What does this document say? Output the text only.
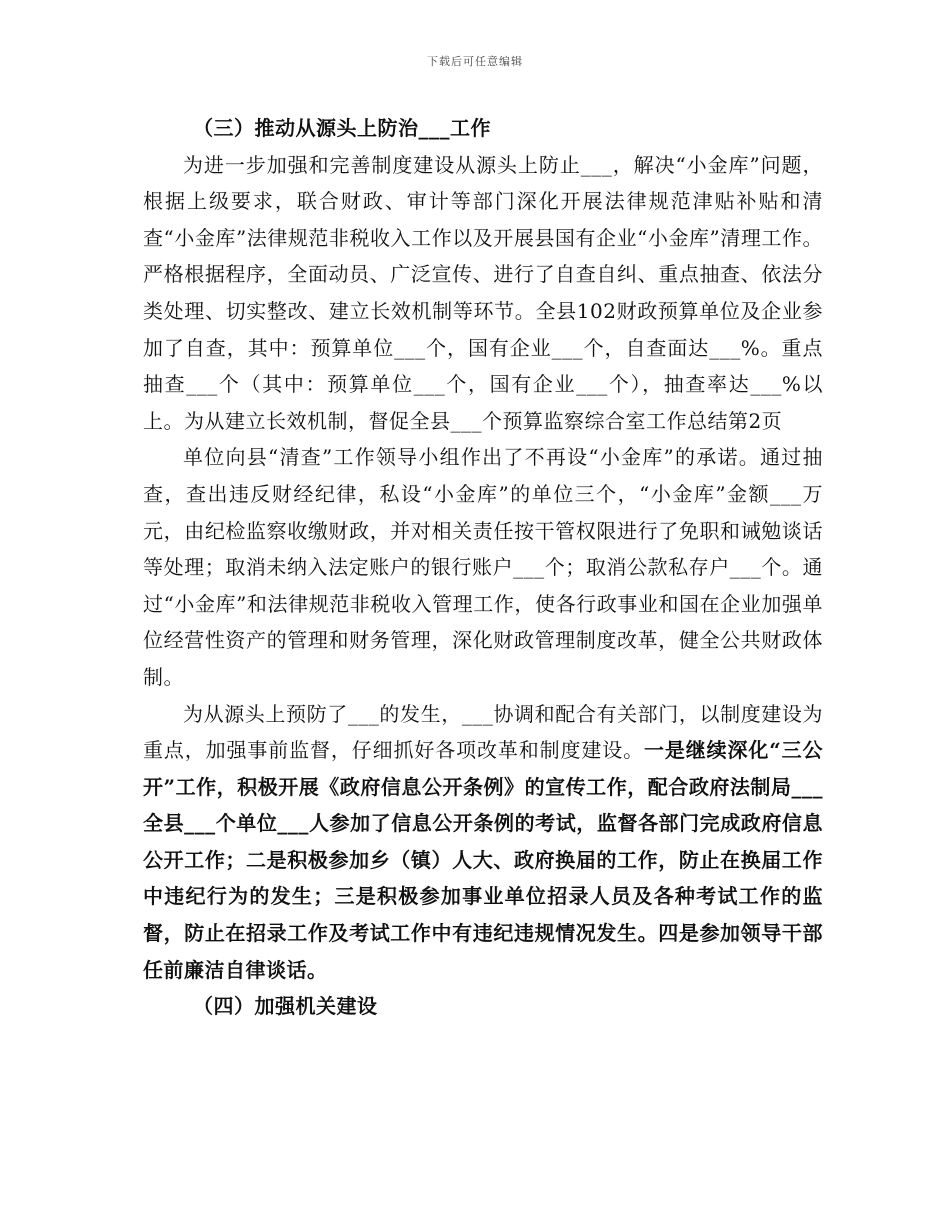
下载后可任意编辑

（三）推动从源头上防治___工作

为进一步加强和完善制度建设从源头上防止___，解决“小金库”问题，根据上级要求，联合财政、审计等部门深化开展法律规范津贴补贴和清查“小金库”法律规范非税收入工作以及开展县国有企业“小金库”清理工作。严格根据程序，全面动员、广泛宣传、进行了自查自纠、重点抽查、依法分类处理、切实整改、建立长效机制等环节。全县102财政预算单位及企业参加了自查，其中：预算单位___个，国有企业___个，自查面达___%。重点抽查___个（其中：预算单位___个，国有企业___个），抽查率达___%以上。为从建立长效机制，督促全县___个预算监察综合室工作总结第2页

单位向县“清查”工作领导小组作出了不再设“小金库”的承诺。通过抽查，查出违反财经纪律，私设“小金库”的单位三个，“小金库”金额___万元，由纪检监察收缴财政，并对相关责任按干管权限进行了免职和诫勉谈话等处理；取消未纳入法定账户的银行账户___个；取消公款私存户___个。通过“小金库”和法律规范非税收入管理工作，使各行政事业和国在企业加强单位经营性资产的管理和财务管理，深化财政管理制度改革，健全公共财政体制。

为从源头上预防了___的发生，___协调和配合有关部门，以制度建设为重点，加强事前监督，仔细抓好各项改革和制度建设。一是继续深化“三公开”工作，积极开展《政府信息公开条例》的宣传工作，配合政府法制局___全县___个单位___人参加了信息公开条例的考试，监督各部门完成政府信息公开工作；二是积极参加乡（镇）人大、政府换届的工作，防止在换届工作中违纪行为的发生；三是积极参加事业单位招录人员及各种考试工作的监督，防止在招录工作及考试工作中有违纪违规情况发生。四是参加领导干部任前廉洁自律谈话。

（四）加强机关建设
